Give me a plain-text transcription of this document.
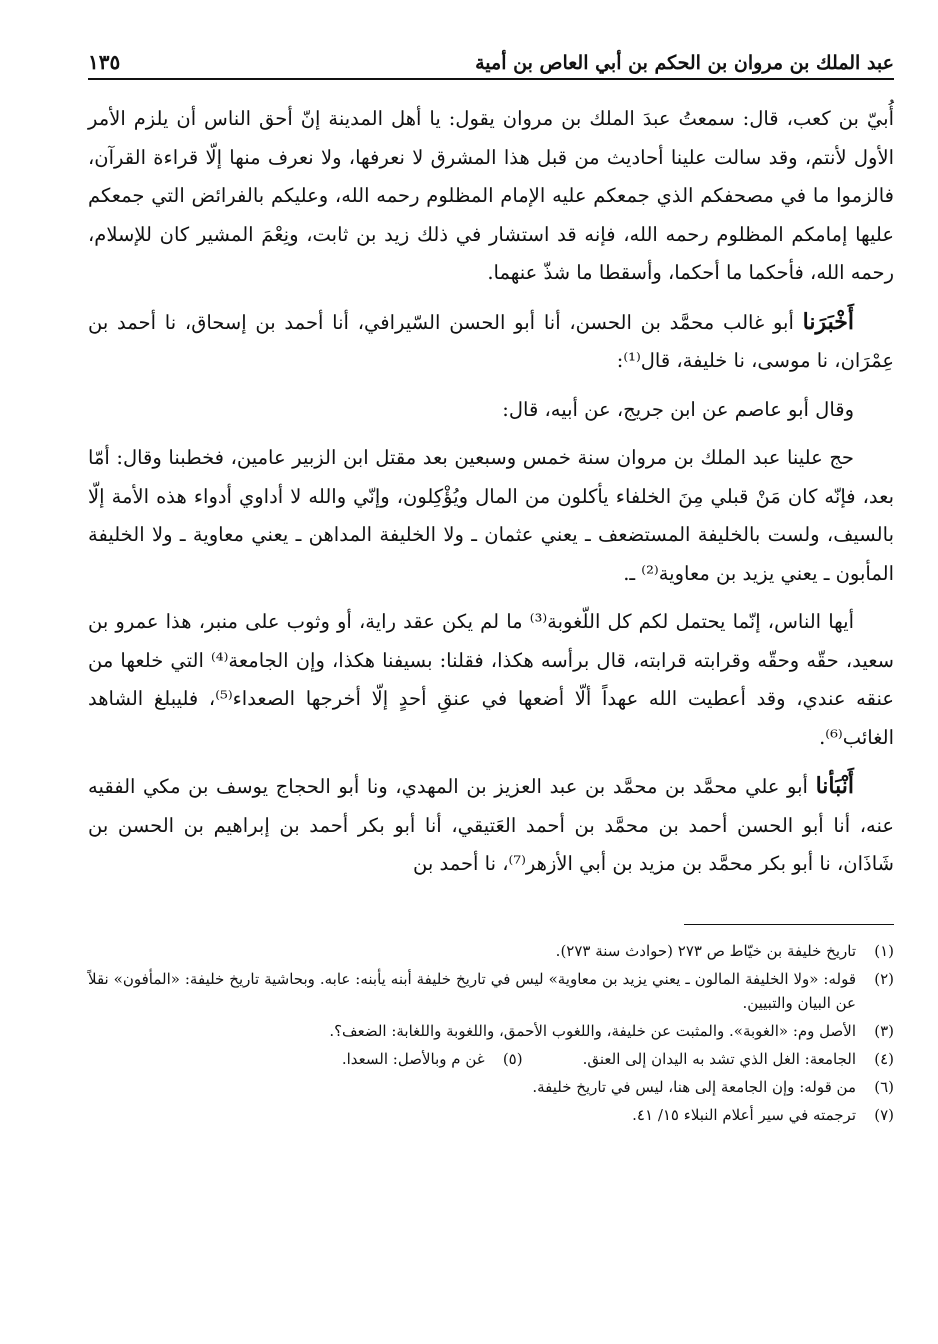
عبد الملك بن مروان بن الحكم بن أبي العاص بن أمية
١٣٥

أُبيّ بن كعب، قال: سمعتُ عبدَ الملك بن مروان يقول: يا أهل المدينة إنّ أحق الناس أن يلزم الأمر الأول لأنتم، وقد سالت علينا أحاديث من قبل هذا المشرق لا نعرفها، ولا نعرف منها إلّا قراءة القرآن، فالزموا ما في مصحفكم الذي جمعكم عليه الإمام المظلوم رحمه الله، وعليكم بالفرائض التي جمعكم عليها إمامكم المظلوم رحمه الله، فإنه قد استشار في ذلك زيد بن ثابت، ونِعْمَ المشير كان للإسلام، رحمه الله، فأحكما ما أحكما، وأسقطا ما شذّ عنهما.

أَخْبَرَنا أبو غالب محمَّد بن الحسن، أنا أبو الحسن السّيرافي، أنا أحمد بن إسحاق، نا أحمد بن عِمْرَان، نا موسى، نا خليفة، قال⁽¹⁾:

وقال أبو عاصم عن ابن جريج، عن أبيه، قال:

حج علينا عبد الملك بن مروان سنة خمس وسبعين بعد مقتل ابن الزبير عامين، فخطبنا وقال: أمّا بعد، فإنّه كان مَنْ قبلي مِنَ الخلفاء يأكلون من المال ويُؤْكِلون، وإنّي والله لا أداوي أدواء هذه الأمة إلّا بالسيف، ولست بالخليفة المستضعف ـ يعني عثمان ـ ولا الخليفة المداهن ـ يعني معاوية ـ ولا الخليفة المأبون ـ يعني يزيد بن معاوية⁽²⁾ ـ.

أيها الناس، إنّما يحتمل لكم كل اللّغوبة⁽³⁾ ما لم يكن عقد راية، أو وثوب على منبر، هذا عمرو بن سعيد، حقّه وحقّه وقرابته قرابته، قال برأسه هكذا، فقلنا: بسيفنا هكذا، وإن الجامعة⁽⁴⁾ التي خلعها من عنقه عندي، وقد أعطيت الله عهداً ألّا أضعها في عنقِ أحدٍ إلّا أخرجها الصعداء⁽⁵⁾، فليبلغ الشاهد الغائب⁽⁶⁾.

أَنْبَأنا أبو علي محمَّد بن محمَّد بن عبد العزيز بن المهدي، ونا أبو الحجاج يوسف بن مكي الفقيه عنه، أنا أبو الحسن أحمد بن محمَّد بن أحمد العَتيقي، أنا أبو بكر أحمد بن إبراهيم بن الحسن بن شَاذَان، نا أبو بكر محمَّد بن مزيد بن أبي الأزهر⁽⁷⁾، نا أحمد بن

(١)
تاريخ خليفة بن خيّاط ص ٢٧٣ (حوادث سنة ٢٧٣).
(٢)
قوله: «ولا الخليفة المالون ـ يعني يزيد بن معاوية» ليس في تاريخ خليفة أبنه يأبنه: عابه. وبحاشية تاريخ خليفة: «المأفون» نقلاً عن البيان والتبيين.
(٣)
الأصل وم: «الغوبة». والمثبت عن خليفة، واللغوب الأحمق، واللغوبة واللغابة: الضعف؟.
(٤)
الجامعة: الغل الذي تشد به اليدان إلى العنق.
(٥)
غن م وبالأصل: السعدا.
(٦)
من قوله: وإن الجامعة إلى هنا، ليس في تاريخ خليفة.
(٧)
ترجمته في سير أعلام النبلاء ١٥/ ٤١.
